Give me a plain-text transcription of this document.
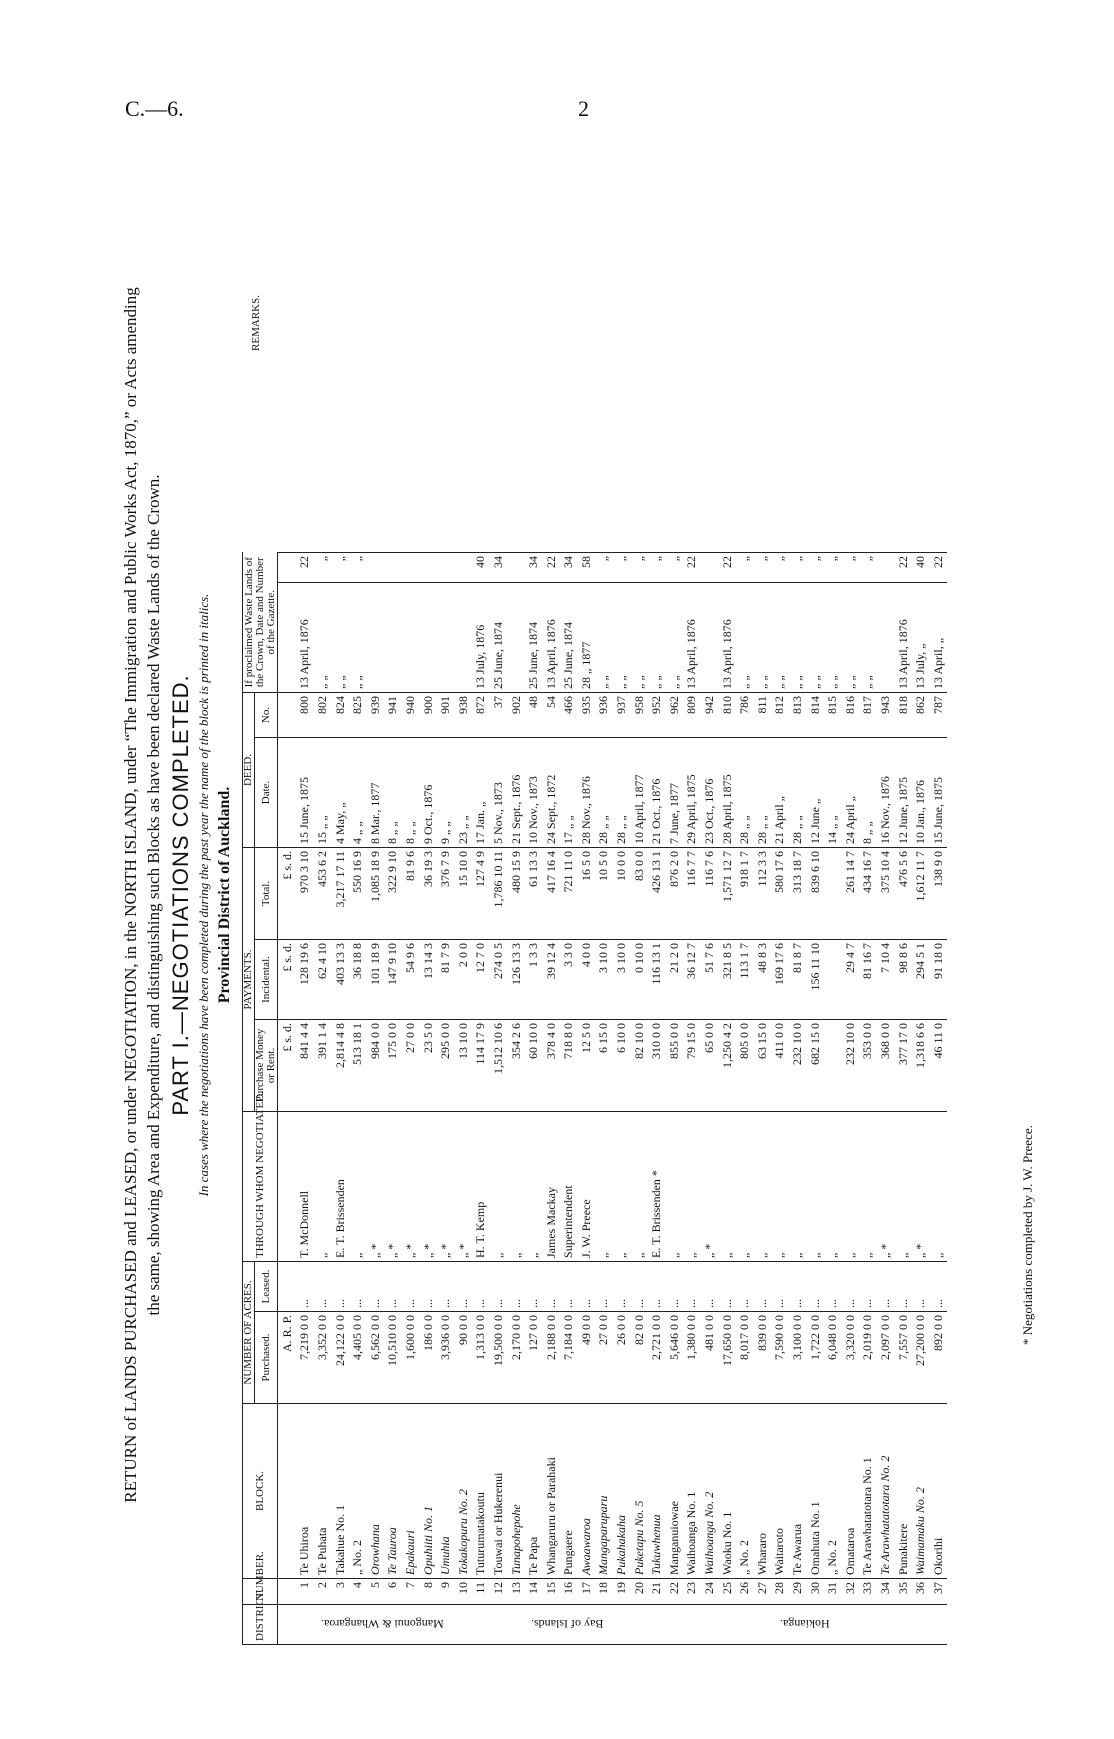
C.—6.	2
RETURN of LANDS PURCHASED and LEASED, or under NEGOTIATION, in the NORTH ISLAND, under “The Immigration and Public Works Act, 1870,” or Acts amending the same, showing Area and Expenditure, and distinguishing such Blocks as have been declared Waste Lands of the Crown. PART I.—NEGOTIATIONS COMPLETED. In cases where the negotiations have been completed during the past year the name of the block is printed in italics. Provincial District of Auckland.
DISTRICT.	NUMBER.	BLOCK.	NUMBER OF ACRES.		THROUGH WHOM NEGOTIATED.	PAYMENTS.			DEED.		If proclaimed Waste Lands of the Crown, Date and Number of the Gazette.		
			Purchased.	Leased.		Purchase Money or Rent.	Incidental.	Total.	Date.	No.			
			A. R. P.			£ s. d.	£ s. d.	£ s. d.					
Mangonui & Whangaroa.	1	Te Uhiroa	7,219 0 0	...	T. McDonnell	841 4 4	128 19 6	970 3 10	15 June, 1875	800	13 April, 1876	22	
	2	Te Puhata	3,352 0 0	...	„	391 1 4	62 4 10	453 6 2	15 „ „	802	„ „	„	
	3	Takahue No. 1	24,122 0 0	...	E. T. Brissenden	2,814 4 8	403 13 3	3,217 17 11	4 May, „	824	„ „	„	
	4	„ No. 2	4,405 0 0	...	„	513 18 1	36 18 8	550 16 9	4 „ „	825	„ „	„	
	5	Orowhana	6,562 0 0	...	„ *	984 0 0	101 18 9	1,085 18 9	8 Mar., 1877	939			
	6	Te Tauroa	10,510 0 0	...	„ *	175 0 0	147 9 10	322 9 10	8 „ „	941			
	7	Epakauri	1,600 0 0	...	„ *	27 0 0	54 9 6	81 9 6	8 „ „	940			
	8	Opuhiiti No. 1	186 0 0	...	„ *	23 5 0	13 14 3	36 19 3	9 Oct., 1876	900			
	9	Umuhia	3,936 0 0	...	„ *	295 0 0	81 7 9	376 7 9	9 „ „	901			
	10	Tokakopuru No. 2	90 0 0	...	„ *	13 10 0	2 0 0	15 10 0	23 „ „	938			
Bay of Islands.	11	Tuturumatakoutu	1,313 0 0	...	H. T. Kemp	114 17 9	12 7 0	127 4 9	17 Jan. „	872	13 July, 1876	40	
	12	Touwai or Hukerenui	19,500 0 0	...	„	1,512 10 6	274 0 5	1,786 10 11	5 Nov., 1873	37	25 June, 1874	34	
	13	Tunapohepohe	2,170 0 0	...	„	354 2 6	126 13 3	480 15 9	21 Sept., 1876	902			
	14	Te Papa	127 0 0	...	„	60 10 0	1 3 3	61 13 3	10 Nov., 1873	48	25 June, 1874	34	
	15	Whangaruru or Parahaki	2,188 0 0	...	James Mackay	378 4 0	39 12 4	417 16 4	24 Sept., 1872	54	13 April, 1876	22	
	16	Pungaere	7,184 0 0	...	Superintendent	718 8 0	3 3 0	721 11 0	17 „ „	466	25 June, 1874	34	
	17	Awaawaroa	49 0 0	...	J. W. Preece	12 5 0	4 0 0	16 5 0	28 Nov., 1876	935	28 „ 1877	58	
	18	Mangaparuparu	27 0 0	...	„	6 15 0	3 10 0	10 5 0	28 „ „	936	„ „	„	
	19	Pukahakaha	26 0 0	...	„	6 10 0	3 10 0	10 0 0	28 „ „	937	„ „	„	
	20	Puketapu No. 5	82 0 0	...	„	82 10 0	0 10 0	83 0 0	10 April, 1877	958	„ „	„	
	21	Tukuwhenua	2,721 0 0	...	E. T. Brissenden *	310 0 0	116 13 1	426 13 1	21 Oct., 1876	952	„ „	„	
Hokianga.	22	Manganuiowae	5,646 0 0	...	„	855 0 0	21 2 0	876 2 0	7 June, 1877	962	„ „	„	
	23	Waihoanga No. 1	1,380 0 0	...	„	79 15 0	36 12 7	116 7 7	29 April, 1875	809	13 April, 1876	22	
	24	Waihoanga No. 2	481 0 0	...	„ *	65 0 0	51 7 6	116 7 6	23 Oct., 1876	942			
	25	Waoku No. 1	17,650 0 0	...	„	1,250 4 2	321 8 5	1,571 12 7	28 April, 1875	810	13 April, 1876	22	
	26	„ No. 2	8,017 0 0	...	„	805 0 0	113 1 7	918 1 7	28 „ „	786	„ „	„	
	27	Whararo	839 0 0	...	„	63 15 0	48 8 3	112 3 3	28 „ „	811	„ „	„	
	28	Waitaroto	7,590 0 0	...	„	411 0 0	169 17 6	580 17 6	21 April „	812	„ „	„	
	29	Te Awarua	3,100 0 0	...	„	232 10 0	81 8 7	313 18 7	28 „ „	813	„ „	„	
	30	Omahuta No. 1	1,722 0 0	...	„	682 15 0	156 11 10	839 6 10	12 June „	814	„ „	„	
	31	„ No. 2	6,048 0 0	...	„				14 „ „	815	„ „	„	
	32	Omataroa	3,320 0 0	...	„	232 10 0	29 4 7	261 14 7	24 April „	816	„ „	„	
	33	Te Arawhatatotara No. 1	2,019 0 0	...	„	353 0 0	81 16 7	434 16 7	8 „ „	817	„ „	„	
	34	Te Arawhatatotara No. 2	2,097 0 0	...	„ *	368 0 0	7 10 4	375 10 4	16 Nov., 1876	943			
	35	Punakitere	7,557 0 0	...	„	377 17 0	98 8 6	476 5 6	12 June, 1875	818	13 April, 1876	22	
	36	Waimamaku No. 2	27,200 0 0	...	„ *	1,318 6 6	294 5 1	1,612 11 7	10 Jan., 1876	862	13 July, „	40	
	37	Okorihi	892 0 0	...	„	46 11 0	91 18 0	138 9 0	15 June, 1875	787	13 April, „	22	
* Negotiations completed by J. W. Preece.
REMARKS.
